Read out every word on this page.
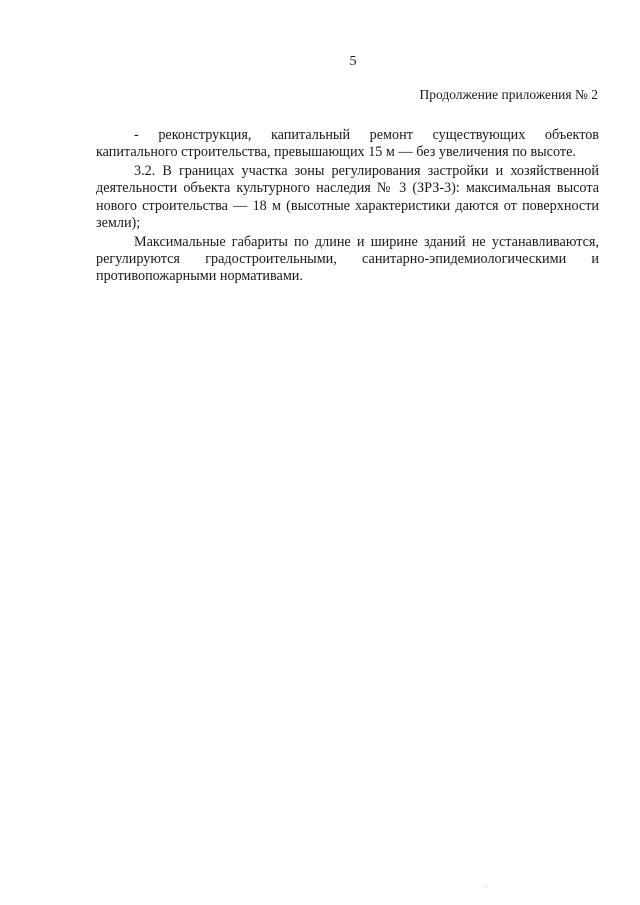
5
Продолжение приложения № 2

- реконструкция, капитальный ремонт существующих объектов капитального строительства, превышающих 15 м — без увеличения по высоте.

3.2. В границах участка зоны регулирования застройки и хозяйственной деятельности объекта культурного наследия № 3 (ЗРЗ-3): максимальная высота нового строительства — 18 м (высотные характеристики даются от поверхности земли);

Максимальные габариты по длине и ширине зданий не устанавливаются, регулируются градостроительными, санитарно-эпидемиологическими и противопожарными нормативами.
